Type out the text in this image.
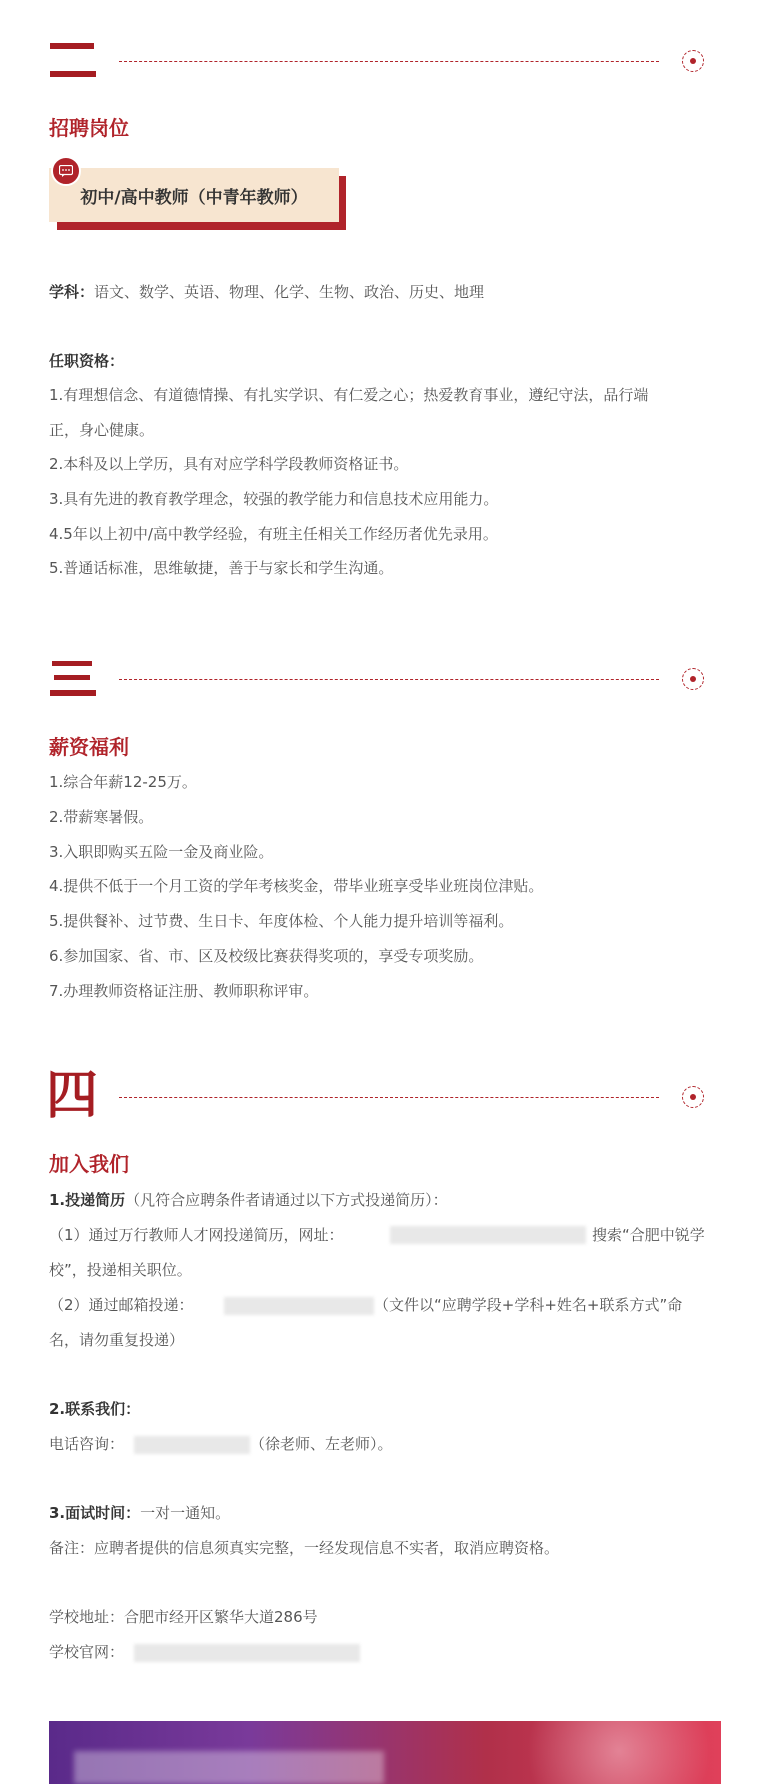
招聘岗位
初中/高中教师（中青年教师）
学科：语文、数学、英语、物理、化学、生物、政治、历史、地理
任职资格：
1.有理想信念、有道德情操、有扎实学识、有仁爱之心；热爱教育事业，遵纪守法，品行端
正，身心健康。
2.本科及以上学历，具有对应学科学段教师资格证书。
3.具有先进的教育教学理念，较强的教学能力和信息技术应用能力。
4.5年以上初中/高中教学经验，有班主任相关工作经历者优先录用。
5.普通话标准，思维敏捷，善于与家长和学生沟通。
薪资福利
1.综合年薪12-25万。
2.带薪寒暑假。
3.入职即购买五险一金及商业险。
4.提供不低于一个月工资的学年考核奖金，带毕业班享受毕业班岗位津贴。
5.提供餐补、过节费、生日卡、年度体检、个人能力提升培训等福利。
6.参加国家、省、市、区及校级比赛获得奖项的，享受专项奖励。
7.办理教师资格证注册、教师职称评审。
四
加入我们
1.投递简历（凡符合应聘条件者请通过以下方式投递简历）：
（1）通过万行教师人才网投递简历，网址：	搜索“合肥中锐学
校”，投递相关职位。
（2）通过邮箱投递：	（文件以“应聘学段+学科+姓名+联系方式”命
名，请勿重复投递）
2.联系我们：
电话咨询：	（徐老师、左老师）。
3.面试时间：一对一通知。
备注：应聘者提供的信息须真实完整，一经发现信息不实者，取消应聘资格。
学校地址：合肥市经开区繁华大道286号
学校官网：
